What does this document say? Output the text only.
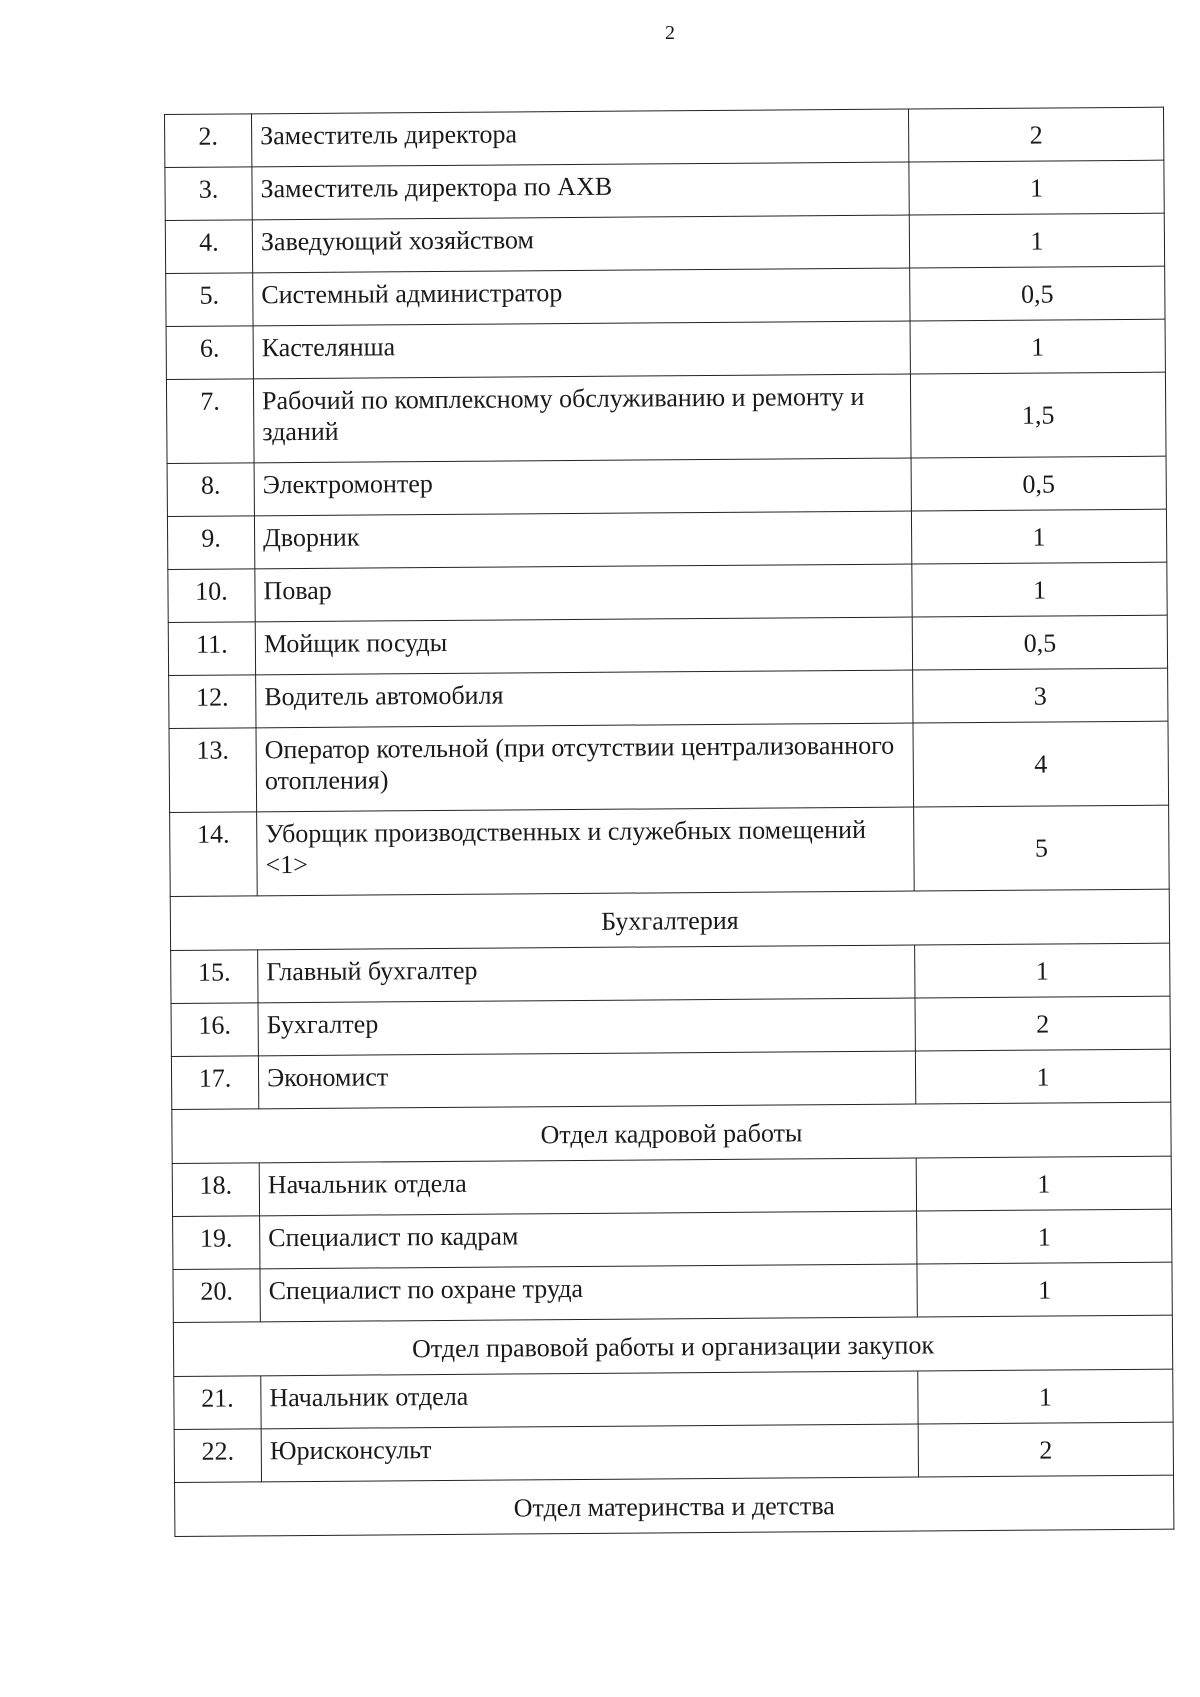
2
2.	Заместитель директора	2
3.	Заместитель директора по АХВ	1
4.	Заведующий хозяйством	1
5.	Системный администратор	0,5
6.	Кастелянша	1
7.	Рабочий по комплексному обслуживанию и ремонту и зданий	1,5
8.	Электромонтер	0,5
9.	Дворник	1
10.	Повар	1
11.	Мойщик посуды	0,5
12.	Водитель автомобиля	3
13.	Оператор котельной (при отсутствии централизованного отопления)	4
14.	Уборщик производственных и служебных помещений <1>	5
Бухгалтерия		
15.	Главный бухгалтер	1
16.	Бухгалтер	2
17.	Экономист	1
Отдел кадровой работы		
18.	Начальник отдела	1
19.	Специалист по кадрам	1
20.	Специалист по охране труда	1
Отдел правовой работы и организации закупок		
21.	Начальник отдела	1
22.	Юрисконсульт	2
Отдел материнства и детства		
